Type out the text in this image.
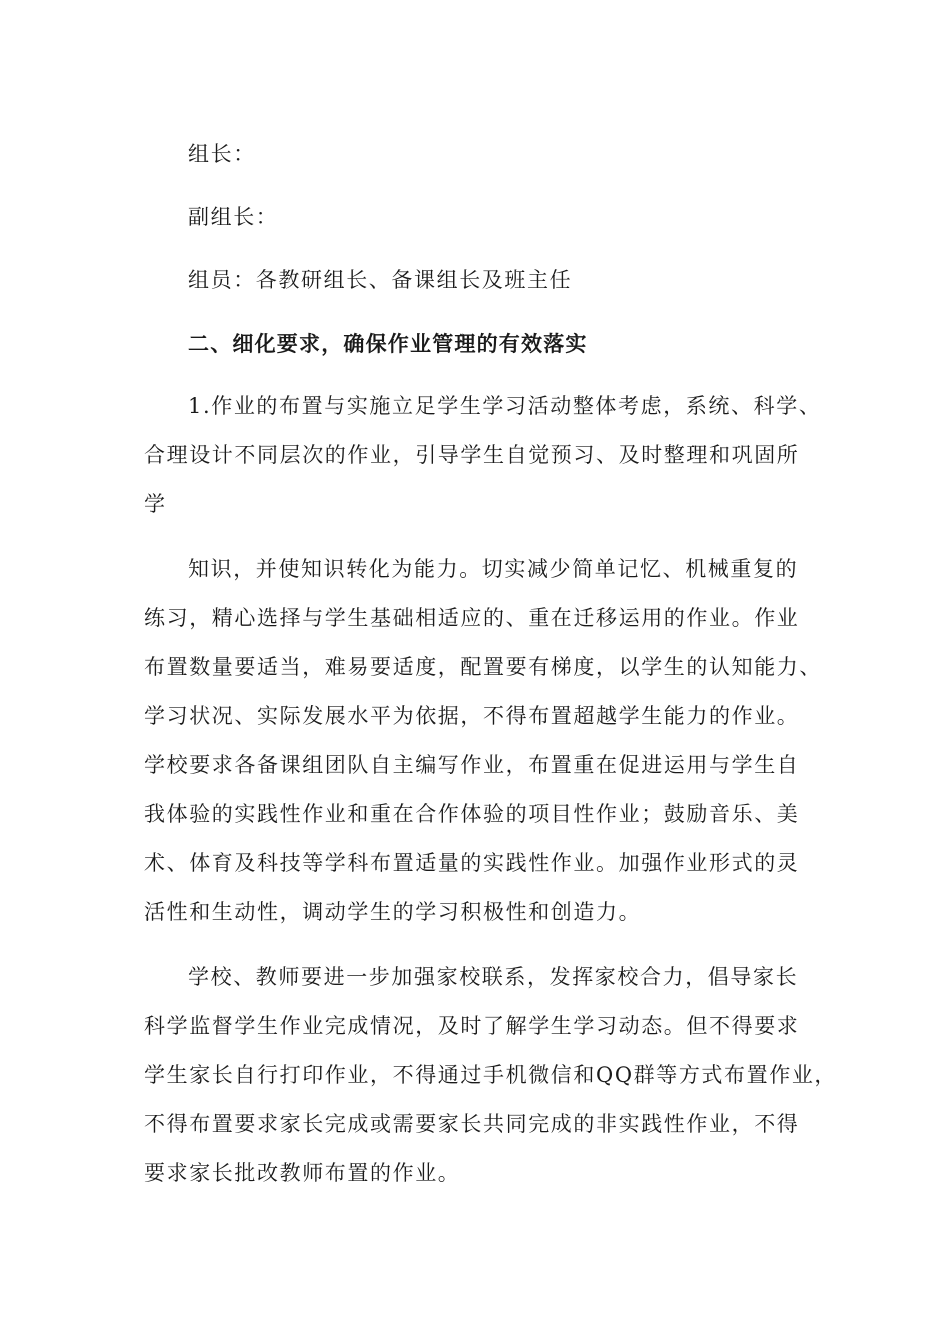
组长：
副组长：
组员：各教研组长、备课组长及班主任
二、细化要求，确保作业管理的有效落实
1.作业的布置与实施立足学生学习活动整体考虑，系统、科学、
合理设计不同层次的作业，引导学生自觉预习、及时整理和巩固所
学
知识，并使知识转化为能力。切实减少简单记忆、机械重复的
练习，精心选择与学生基础相适应的、重在迁移运用的作业。作业
布置数量要适当，难易要适度，配置要有梯度，以学生的认知能力、
学习状况、实际发展水平为依据，不得布置超越学生能力的作业。
学校要求各备课组团队自主编写作业，布置重在促进运用与学生自
我体验的实践性作业和重在合作体验的项目性作业；鼓励音乐、美
术、体育及科技等学科布置适量的实践性作业。加强作业形式的灵
活性和生动性，调动学生的学习积极性和创造力。
学校、教师要进一步加强家校联系，发挥家校合力，倡导家长
科学监督学生作业完成情况，及时了解学生学习动态。但不得要求
学生家长自行打印作业，不得通过手机微信和QQ群等方式布置作业，
不得布置要求家长完成或需要家长共同完成的非实践性作业，不得
要求家长批改教师布置的作业。
